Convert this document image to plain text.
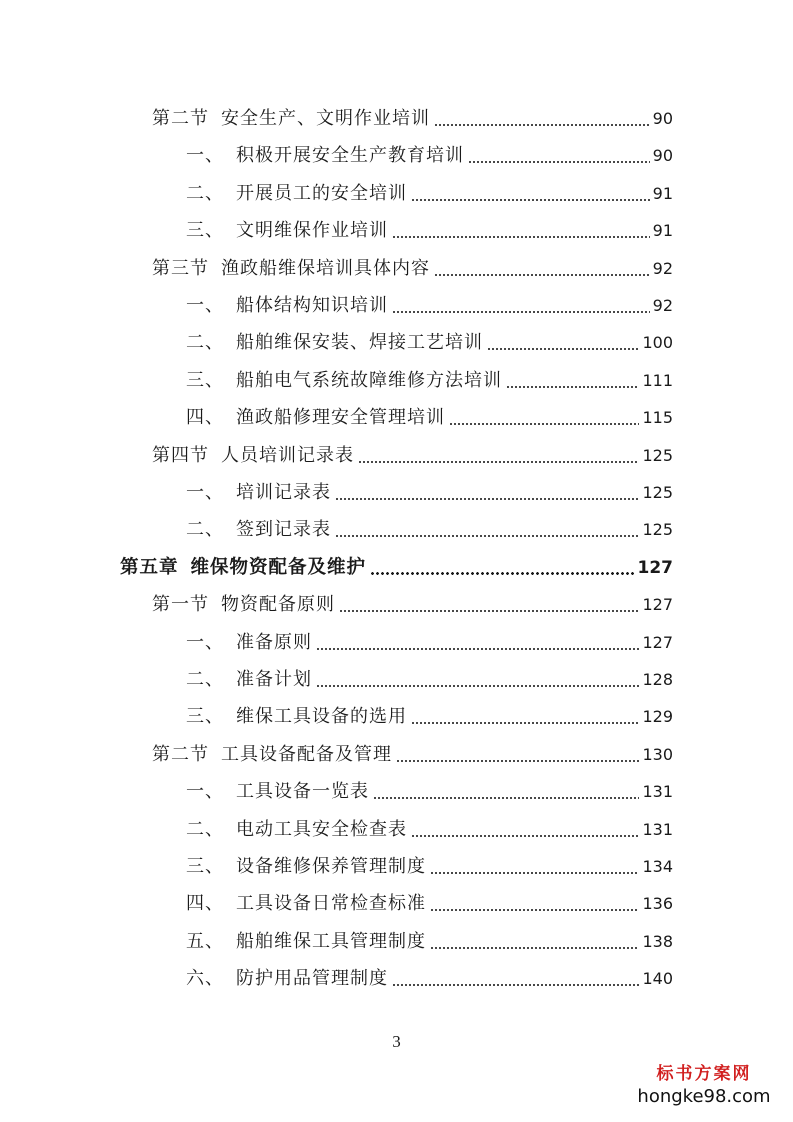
第二节 安全生产、文明作业培训	90
一、 积极开展安全生产教育培训	90
二、 开展员工的安全培训	91
三、 文明维保作业培训	91
第三节 渔政船维保培训具体内容	92
一、 船体结构知识培训	92
二、 船舶维保安装、焊接工艺培训	100
三、 船舶电气系统故障维修方法培训	111
四、 渔政船修理安全管理培训	115
第四节 人员培训记录表	125
一、 培训记录表	125
二、 签到记录表	125
第五章 维保物资配备及维护	127
第一节 物资配备原则	127
一、 准备原则	127
二、 准备计划	128
三、 维保工具设备的选用	129
第二节 工具设备配备及管理	130
一、 工具设备一览表	131
二、 电动工具安全检查表	131
三、 设备维修保养管理制度	134
四、 工具设备日常检查标准	136
五、 船舶维保工具管理制度	138
六、 防护用品管理制度	140
3
标书方案网
hongke98.com
